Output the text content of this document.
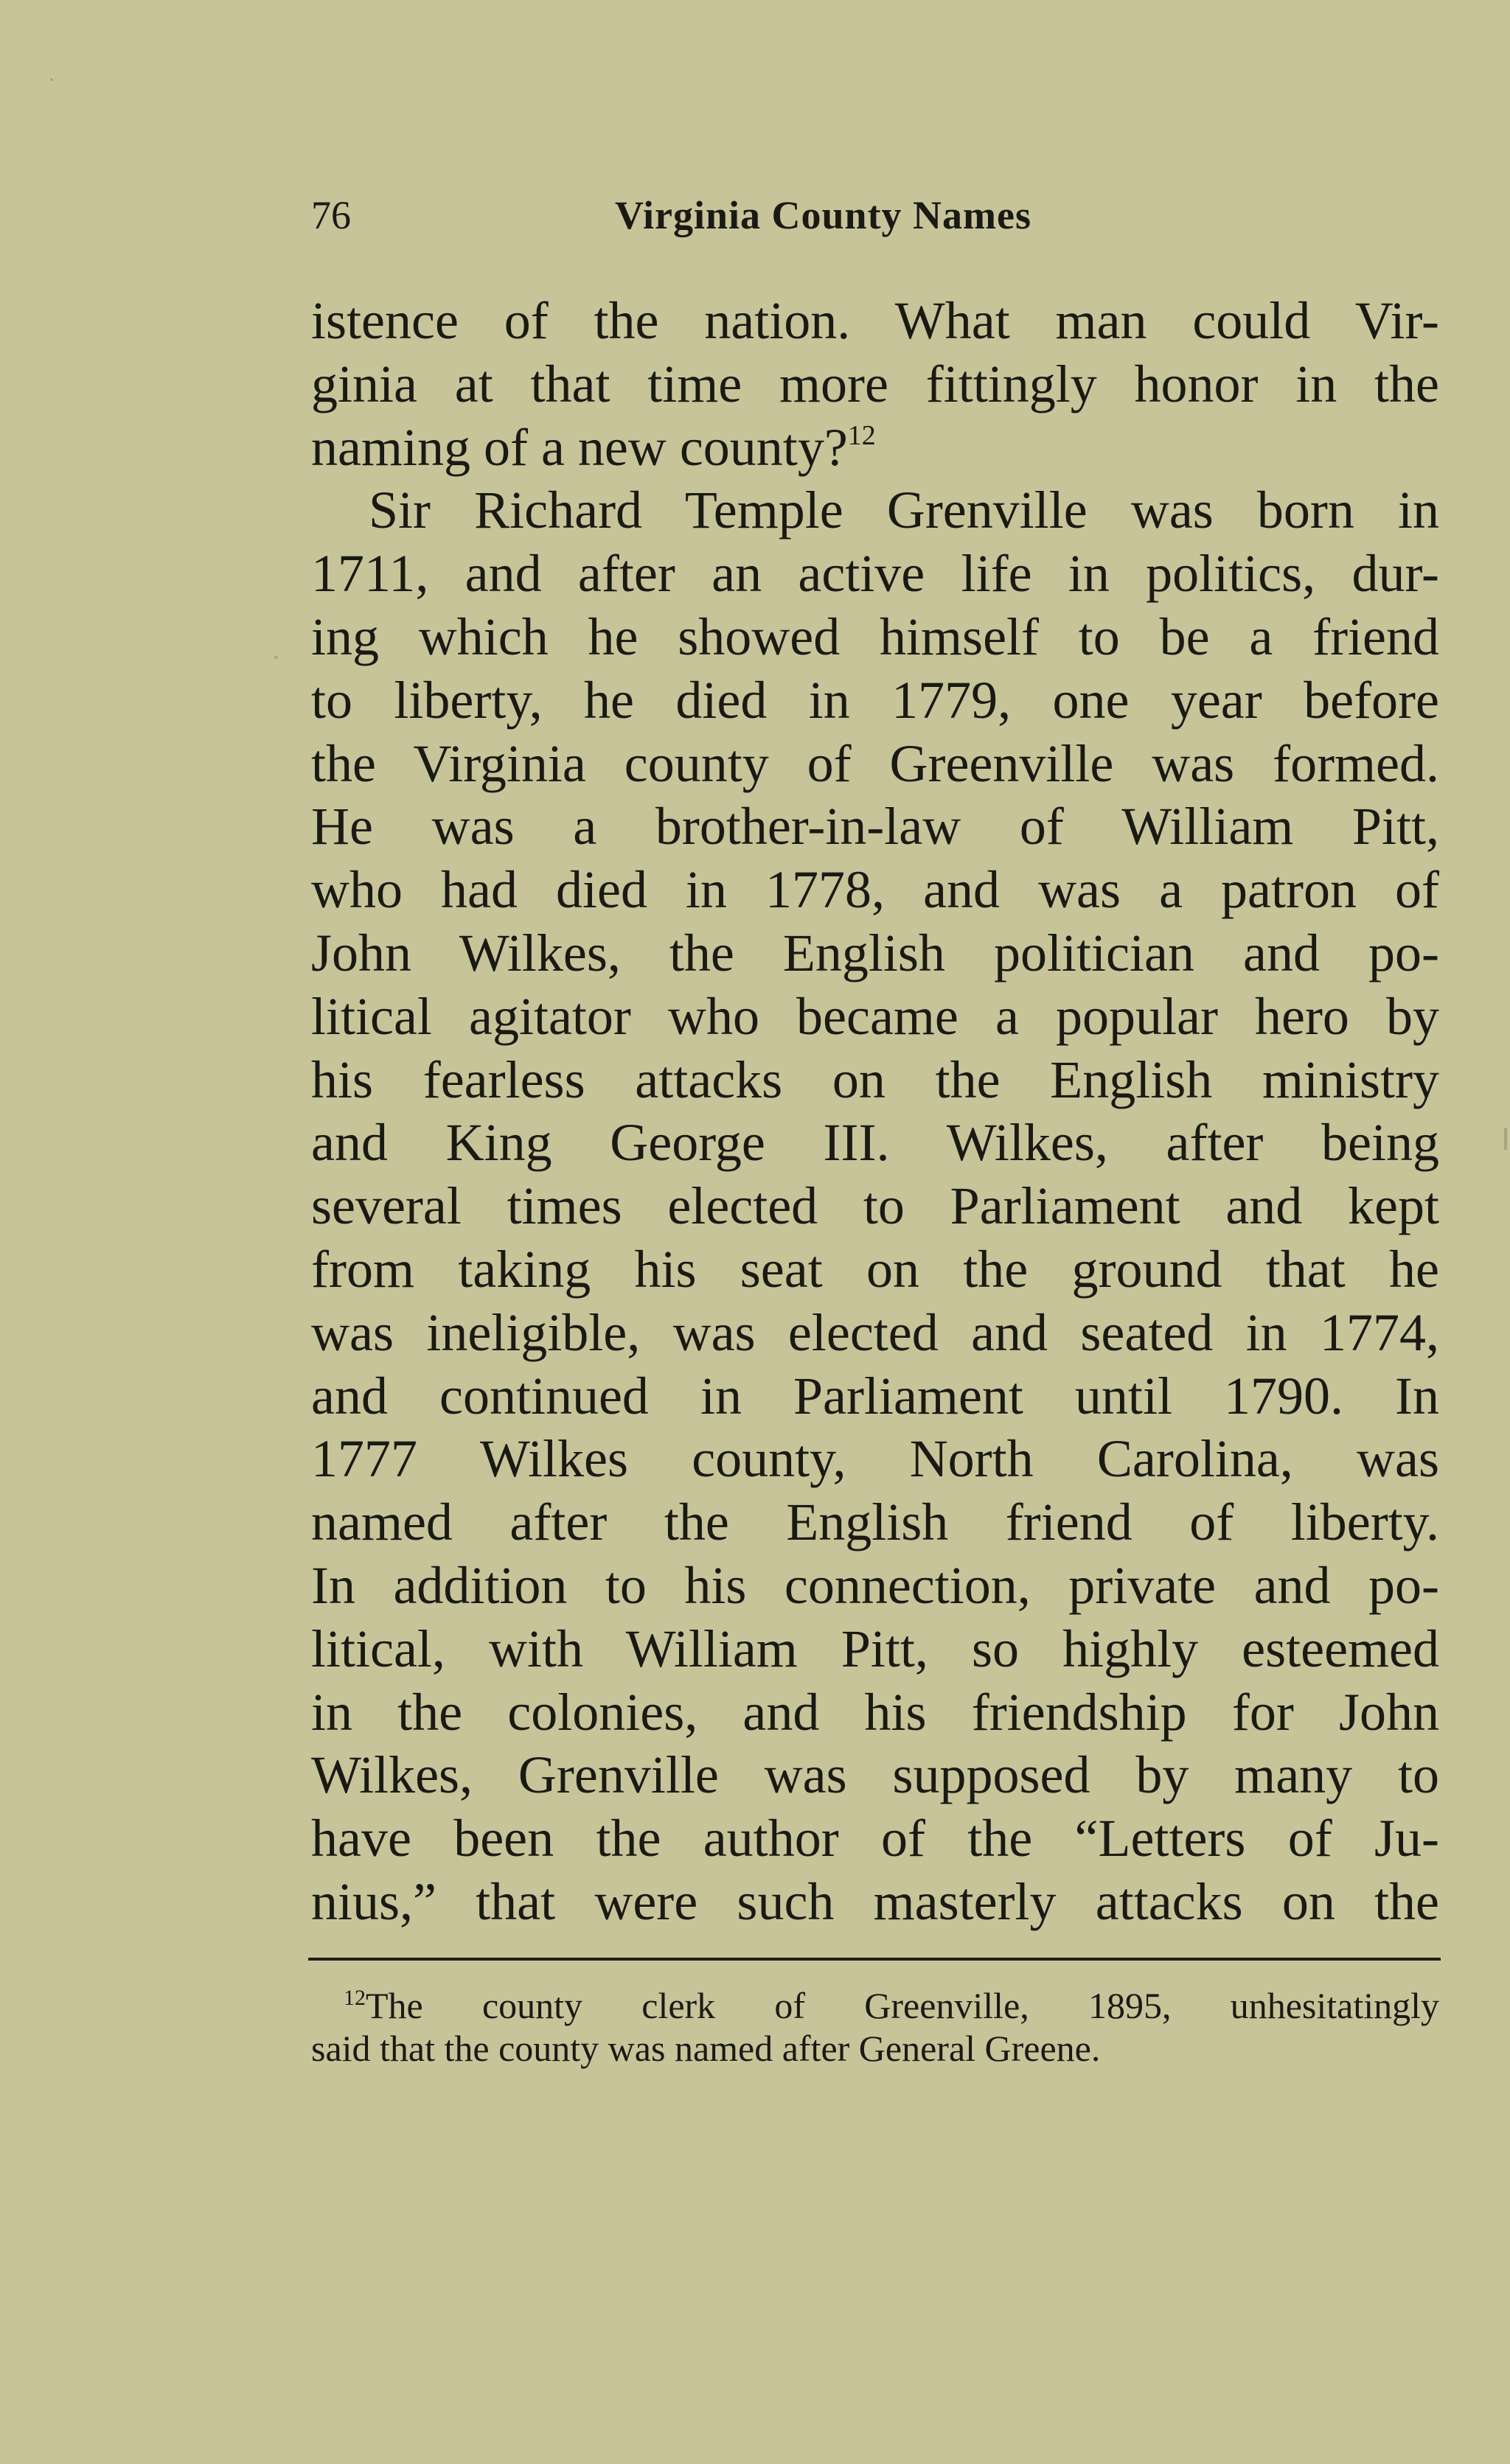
76	Virginia County Names
istence of the nation. What man could Vir-
ginia at that time more fittingly honor in the
naming of a new county?$^{12}$
Sir Richard Temple Grenville was born in
1711, and after an active life in politics, dur-
ing which he showed himself to be a friend
to liberty, he died in 1779, one year before
the Virginia county of Greenville was formed.
He was a brother-in-law of William Pitt,
who had died in 1778, and was a patron of
John Wilkes, the English politician and po-
litical agitator who became a popular hero by
his fearless attacks on the English ministry
and King George III. Wilkes, after being
several times elected to Parliament and kept
from taking his seat on the ground that he
was ineligible, was elected and seated in 1774,
and continued in Parliament until 1790. In
1777 Wilkes county, North Carolina, was
named after the English friend of liberty.
In addition to his connection, private and po-
litical, with William Pitt, so highly esteemed
in the colonies, and his friendship for John
Wilkes, Grenville was supposed by many to
have been the author of the “Letters of Ju-
nius,” that were such masterly attacks on the
$^{12}$The county clerk of Greenville, 1895, unhesitatingly
said that the county was named after General Greene.
